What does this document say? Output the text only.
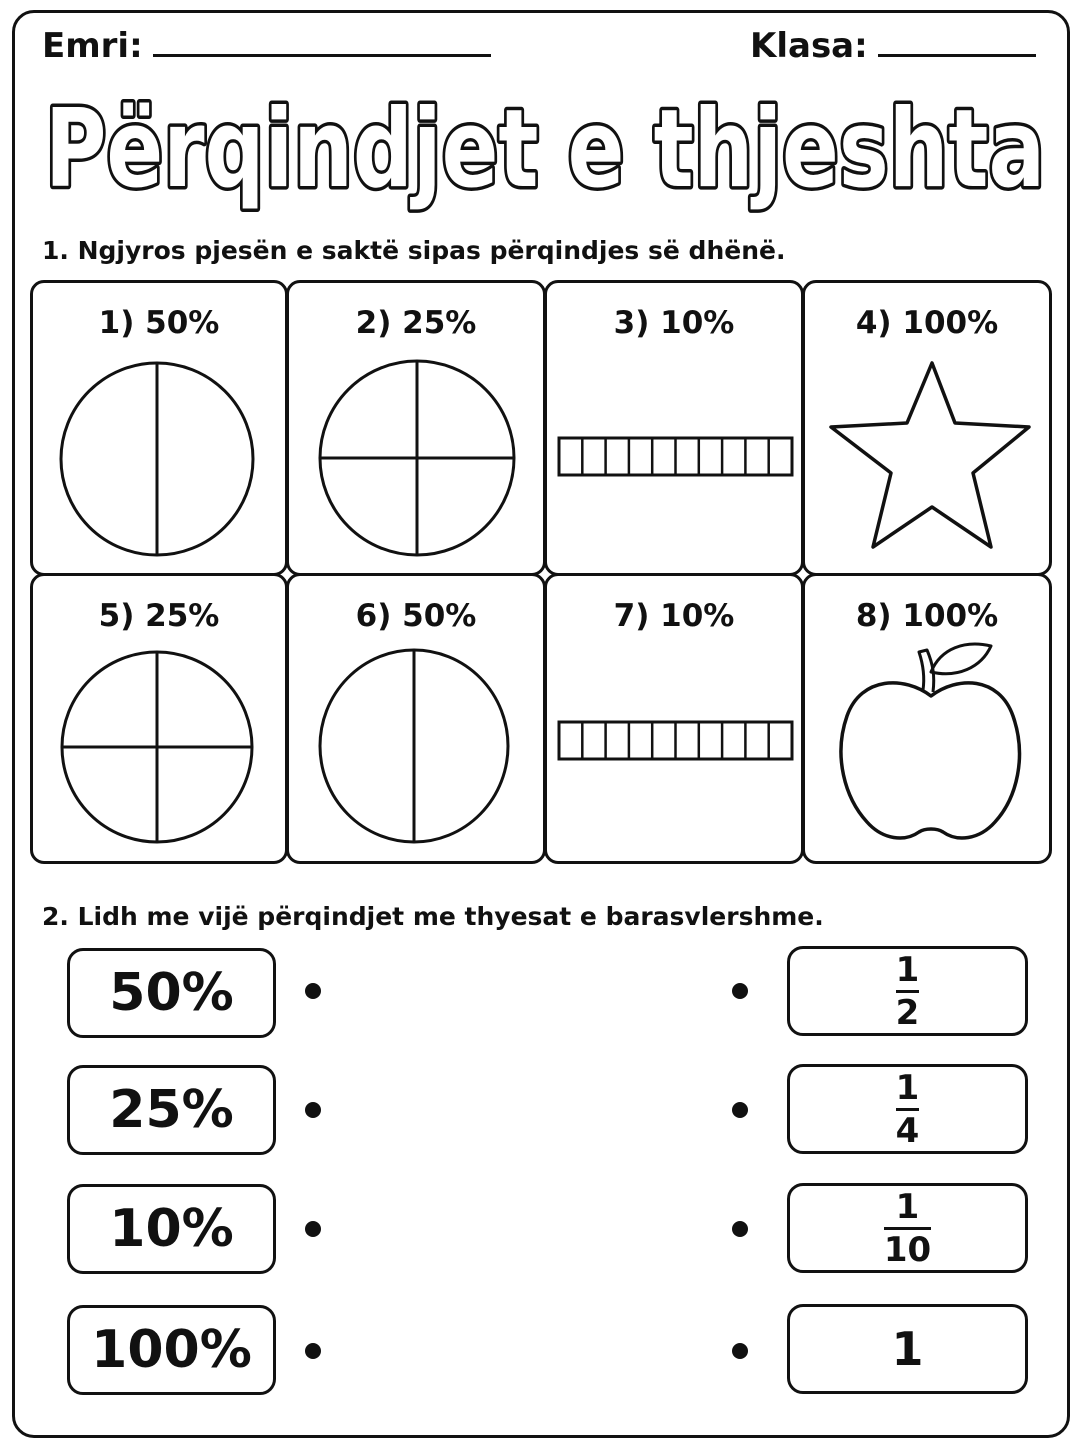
Emri:	Klasa:
Përqindjet e thjeshta
1. Ngjyros pjesën e saktë sipas përqindjes së dhënë.
1) 50%	2) 25%	3) 10%	4) 100%
5) 25%	6) 50%	7) 10%	8) 100%
2. Lidh me vijë përqindjet me thyesat e barasvlershme.
50%
25%
10%
100%
$\frac{1}{2}$
$\frac{1}{4}$
$\frac{1}{10}$
1
